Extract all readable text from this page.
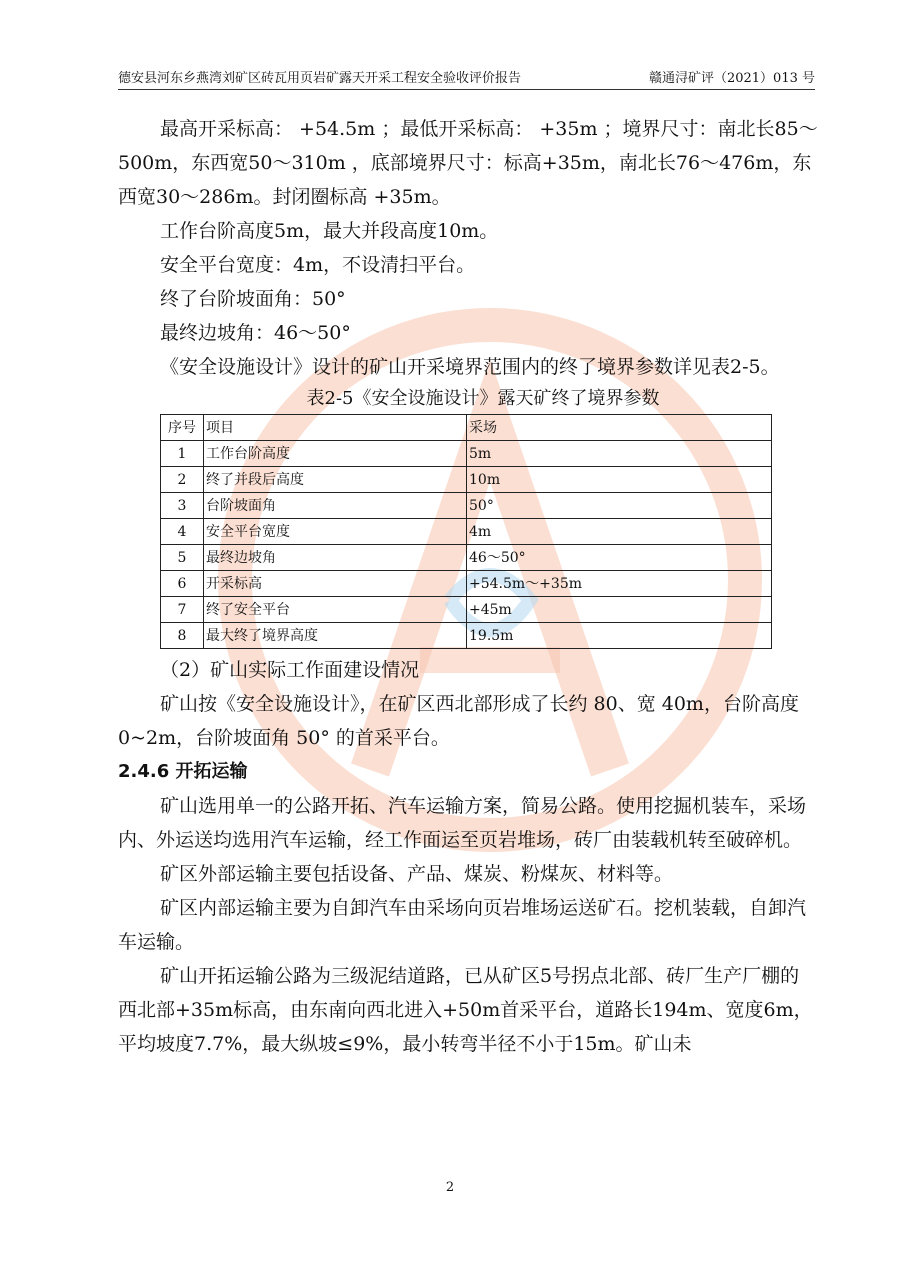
德安县河东乡燕湾刘矿区砖瓦用页岩矿露天开采工程安全验收评价报告	赣通浔矿评（2021）013 号

最高开采标高： +54.5m ；最低开采标高： +35m ；境界尺寸：南北长85～500m，东西宽50～310m ，底部境界尺寸：标高+35m，南北长76～476m，东西宽30～286m。封闭圈标高 +35m。

工作台阶高度5m，最大并段高度10m。

安全平台宽度：4m，不设清扫平台。

终了台阶坡面角：50°

最终边坡角：46～50°

《安全设施设计》设计的矿山开采境界范围内的终了境界参数详见表2-5。

表2-5《安全设施设计》露天矿终了境界参数

序号	项目	采场
1	工作台阶高度	5m
2	终了并段后高度	10m
3	台阶坡面角	50°
4	安全平台宽度	4m
5	最终边坡角	46～50°
6	开采标高	+54.5m～+35m
7	终了安全平台	+45m
8	最大终了境界高度	19.5m

（2）矿山实际工作面建设情况

矿山按《安全设施设计》，在矿区西北部形成了长约 80、宽 40m，台阶高度 0~2m，台阶坡面角 50° 的首采平台。

2.4.6 开拓运输

矿山选用单一的公路开拓、汽车运输方案，简易公路。使用挖掘机装车，采场内、外运送均选用汽车运输，经工作面运至页岩堆场，砖厂由装载机转至破碎机。

矿区外部运输主要包括设备、产品、煤炭、粉煤灰、材料等。

矿区内部运输主要为自卸汽车由采场向页岩堆场运送矿石。挖机装载，自卸汽车运输。

矿山开拓运输公路为三级泥结道路，已从矿区5号拐点北部、砖厂生产厂棚的西北部+35m标高，由东南向西北进入+50m首采平台，道路长194m、宽度6m，平均坡度7.7%，最大纵坡≤9%，最小转弯半径不小于15m。矿山未

2
